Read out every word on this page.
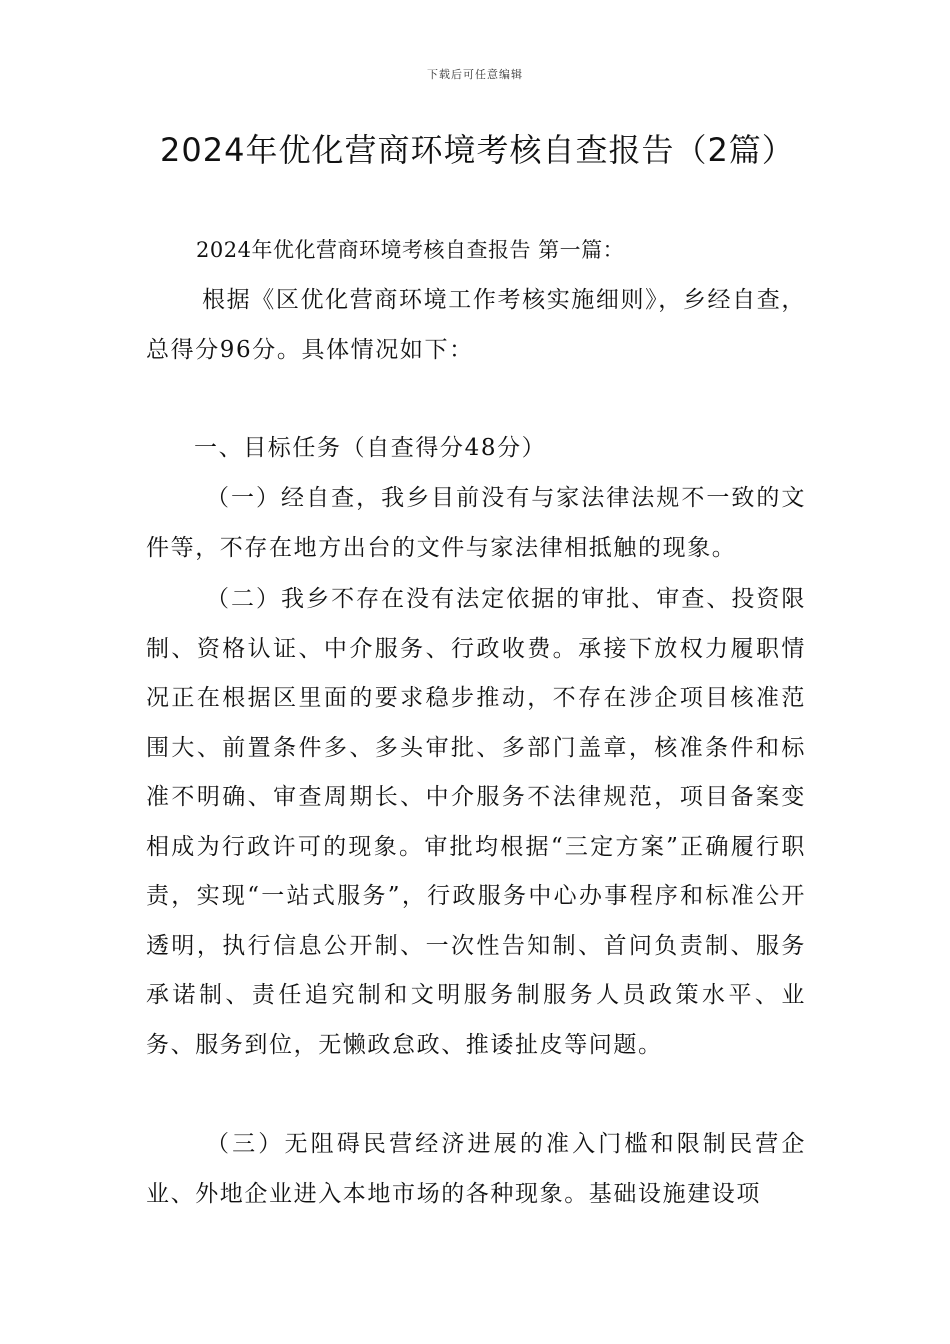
下载后可任意编辑
2024年优化营商环境考核自查报告（2篇）
2024年优化营商环境考核自查报告 第一篇：

根据《区优化营商环境工作考核实施细则》，乡经自查，总得分96分。具体情况如下：

一、目标任务（自查得分48分）

（一）经自查，我乡目前没有与家法律法规不一致的文件等，不存在地方出台的文件与家法律相抵触的现象。

（二）我乡不存在没有法定依据的审批、审查、投资限制、资格认证、中介服务、行政收费。承接下放权力履职情况正在根据区里面的要求稳步推动，不存在涉企项目核准范围大、前置条件多、多头审批、多部门盖章，核准条件和标准不明确、审查周期长、中介服务不法律规范，项目备案变相成为行政许可的现象。审批均根据“三定方案”正确履行职责，实现“一站式服务”，行政服务中心办事程序和标准公开透明，执行信息公开制、一次性告知制、首问负责制、服务承诺制、责任追究制和文明服务制服务人员政策水平、业务、服务到位，无懒政怠政、推诿扯皮等问题。

（三）无阻碍民营经济进展的准入门槛和限制民营企业、外地企业进入本地市场的各种现象。基础设施建设项
